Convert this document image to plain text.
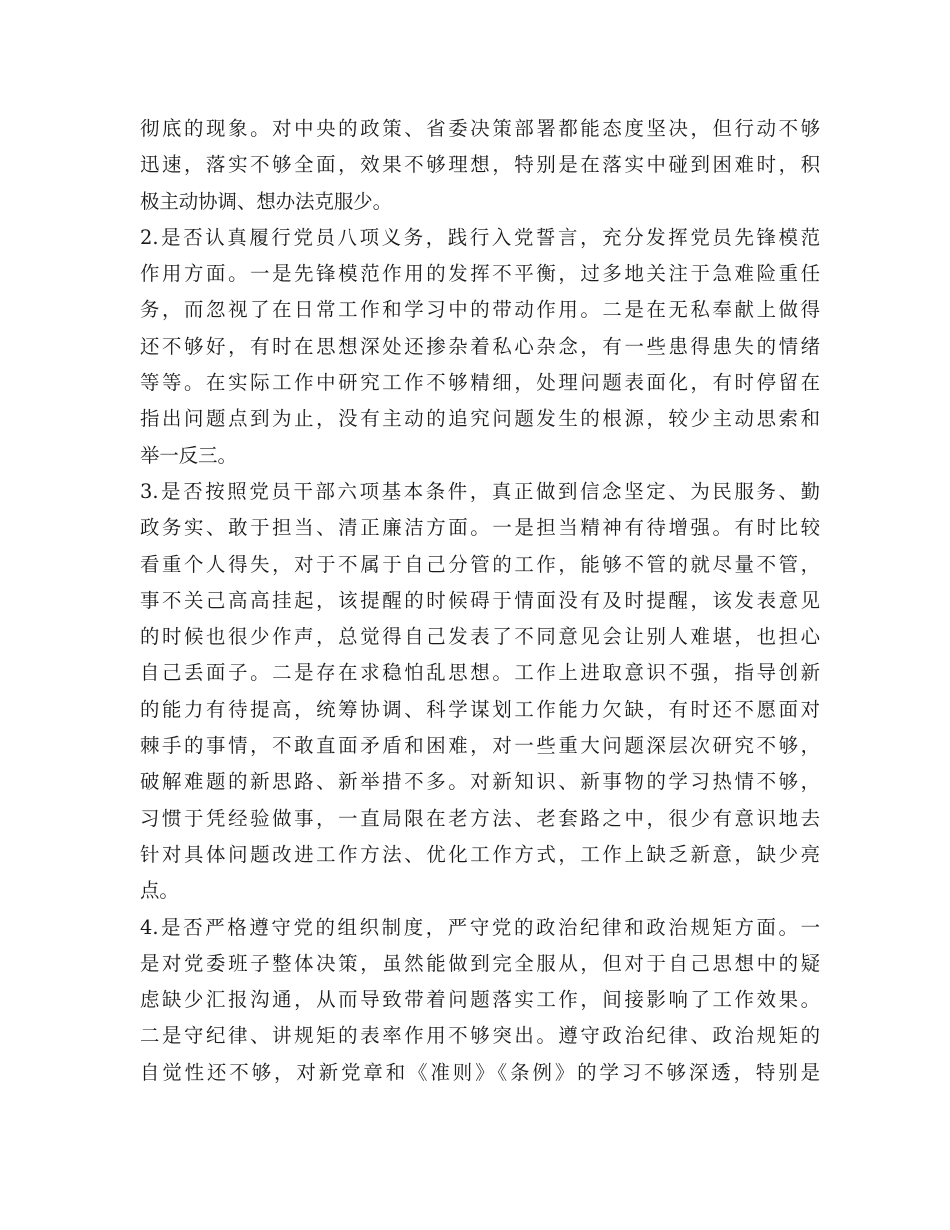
彻底的现象。对中央的政策、省委决策部署都能态度坚决，但行动不够
迅速，落实不够全面，效果不够理想，特别是在落实中碰到困难时，积
极主动协调、想办法克服少。
2.是否认真履行党员八项义务，践行入党誓言，充分发挥党员先锋模范
作用方面。一是先锋模范作用的发挥不平衡，过多地关注于急难险重任
务，而忽视了在日常工作和学习中的带动作用。二是在无私奉献上做得
还不够好，有时在思想深处还掺杂着私心杂念，有一些患得患失的情绪
等等。在实际工作中研究工作不够精细，处理问题表面化，有时停留在
指出问题点到为止，没有主动的追究问题发生的根源，较少主动思索和
举一反三。
3.是否按照党员干部六项基本条件，真正做到信念坚定、为民服务、勤
政务实、敢于担当、清正廉洁方面。一是担当精神有待增强。有时比较
看重个人得失，对于不属于自己分管的工作，能够不管的就尽量不管，
事不关己高高挂起，该提醒的时候碍于情面没有及时提醒，该发表意见
的时候也很少作声，总觉得自己发表了不同意见会让别人难堪，也担心
自己丢面子。二是存在求稳怕乱思想。工作上进取意识不强，指导创新
的能力有待提高，统筹协调、科学谋划工作能力欠缺，有时还不愿面对
棘手的事情，不敢直面矛盾和困难，对一些重大问题深层次研究不够，
破解难题的新思路、新举措不多。对新知识、新事物的学习热情不够，
习惯于凭经验做事，一直局限在老方法、老套路之中，很少有意识地去
针对具体问题改进工作方法、优化工作方式，工作上缺乏新意，缺少亮
点。
4.是否严格遵守党的组织制度，严守党的政治纪律和政治规矩方面。一
是对党委班子整体决策，虽然能做到完全服从，但对于自己思想中的疑
虑缺少汇报沟通，从而导致带着问题落实工作，间接影响了工作效果。
二是守纪律、讲规矩的表率作用不够突出。遵守政治纪律、政治规矩的
自觉性还不够，对新党章和《准则》《条例》的学习不够深透，特别是
